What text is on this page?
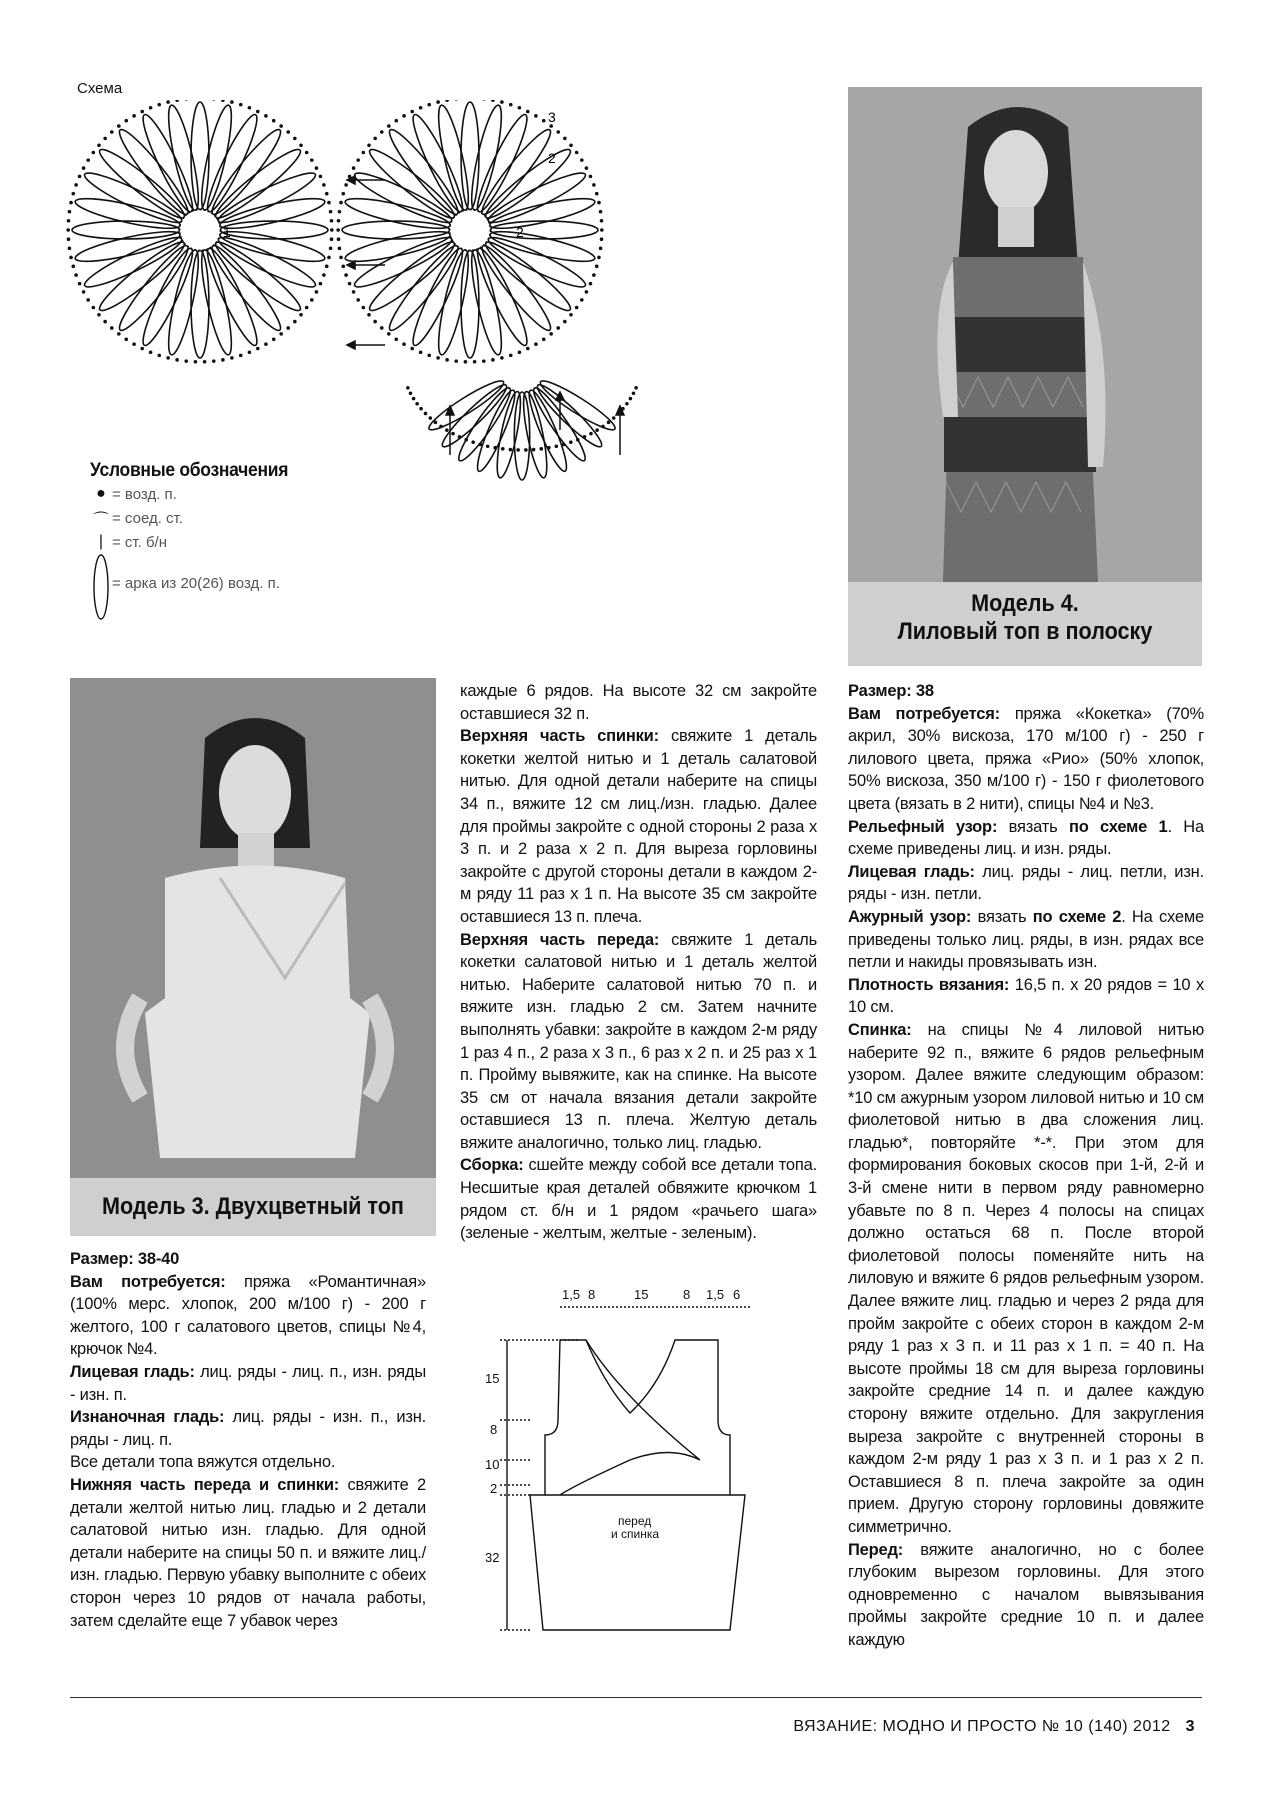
Схема
1	2
2
3
Условные обозначения
● = возд. п.
⌒ = соед. ст.
| = ст. б/н
= арка из 20(26) возд. п.
Модель 4.
Лиловый топ в полоску
Модель 3. Двухцветный топ

Размер: 38-40

Вам потребуется: пряжа «Романтичная» (100% мерс. хлопок, 200 м/100 г) - 200 г желтого, 100 г салатового цветов, спицы №4, крючок №4.

Лицевая гладь: лиц. ряды - лиц. п., изн. ряды - изн. п.

Изнаночная гладь: лиц. ряды - изн. п., изн. ряды - лиц. п.

Все детали топа вяжутся отдельно.

Нижняя часть переда и спинки: свяжите 2 детали желтой нитью лиц. гладью и 2 детали салатовой нитью изн. гладью. Для одной детали наберите на спицы 50 п. и вяжите лиц./изн. гладью. Первую убавку выполните с обеих сторон через 10 рядов от начала работы, затем сделайте еще 7 убавок через

каждые 6 рядов. На высоте 32 см закройте оставшиеся 32 п.

Верхняя часть спинки: свяжите 1 деталь кокетки желтой нитью и 1 деталь салатовой нитью. Для одной детали наберите на спицы 34 п., вяжите 12 см лиц./изн. гладью. Далее для проймы закройте с одной стороны 2 раза х 3 п. и 2 раза х 2 п. Для выреза горловины закройте с другой стороны детали в каждом 2-м ряду 11 раз х 1 п. На высоте 35 см закройте оставшиеся 13 п. плеча.

Верхняя часть переда: свяжите 1 деталь кокетки салатовой нитью и 1 деталь желтой нитью. Наберите салатовой нитью 70 п. и вяжите изн. гладью 2 см. Затем начните выполнять убавки: закройте в каждом 2-м ряду 1 раз 4 п., 2 раза х 3 п., 6 раз х 2 п. и 25 раз х 1 п. Пройму вывяжите, как на спинке. На высоте 35 см от начала вязания детали закройте оставшиеся 13 п. плеча. Желтую деталь вяжите аналогично, только лиц. гладью.

Сборка: сшейте между собой все детали топа. Несшитые края деталей обвяжите крючком 1 рядом ст. б/н и 1 рядом «рачьего шага» (зеленые - желтым, желтые - зеленым).

1,5 8	15	8 1,5 6
15
8
10
2
32
перед
и спинка

Размер: 38

Вам потребуется: пряжа «Кокетка» (70% акрил, 30% вискоза, 170 м/100 г) - 250 г лилового цвета, пряжа «Рио» (50% хлопок, 50% вискоза, 350 м/100 г) - 150 г фиолетового цвета (вязать в 2 нити), спицы №4 и №3.

Рельефный узор: вязать по схеме 1. На схеме приведены лиц. и изн. ряды.

Лицевая гладь: лиц. ряды - лиц. петли, изн. ряды - изн. петли.

Ажурный узор: вязать по схеме 2. На схеме приведены только лиц. ряды, в изн. рядах все петли и накиды провязывать изн.

Плотность вязания: 16,5 п. х 20 рядов = 10 х 10 см.

Спинка: на спицы №4 лиловой нитью наберите 92 п., вяжите 6 рядов рельефным узором. Далее вяжите следующим образом: *10 см ажурным узором лиловой нитью и 10 см фиолетовой нитью в два сложения лиц. гладью*, повторяйте *-*. При этом для формирования боковых скосов при 1-й, 2-й и 3-й смене нити в первом ряду равномерно убавьте по 8 п. Через 4 полосы на спицах должно остаться 68 п. После второй фиолетовой полосы поменяйте нить на лиловую и вяжите 6 рядов рельефным узором. Далее вяжите лиц. гладью и через 2 ряда для пройм закройте с обеих сторон в каждом 2-м ряду 1 раз х 3 п. и 11 раз х 1 п. = 40 п. На высоте проймы 18 см для выреза горловины закройте средние 14 п. и далее каждую сторону вяжите отдельно. Для закругления выреза закройте с внутренней стороны в каждом 2-м ряду 1 раз х 3 п. и 1 раз х 2 п. Оставшиеся 8 п. плеча закройте за один прием. Другую сторону горловины довяжите симметрично.

Перед: вяжите аналогично, но с более глубоким вырезом горловины. Для этого одновременно с началом вывязывания проймы закройте средние 10 п. и далее каждую

ВЯЗАНИЕ: МОДНО И ПРОСТО № 10 (140) 2012 3
